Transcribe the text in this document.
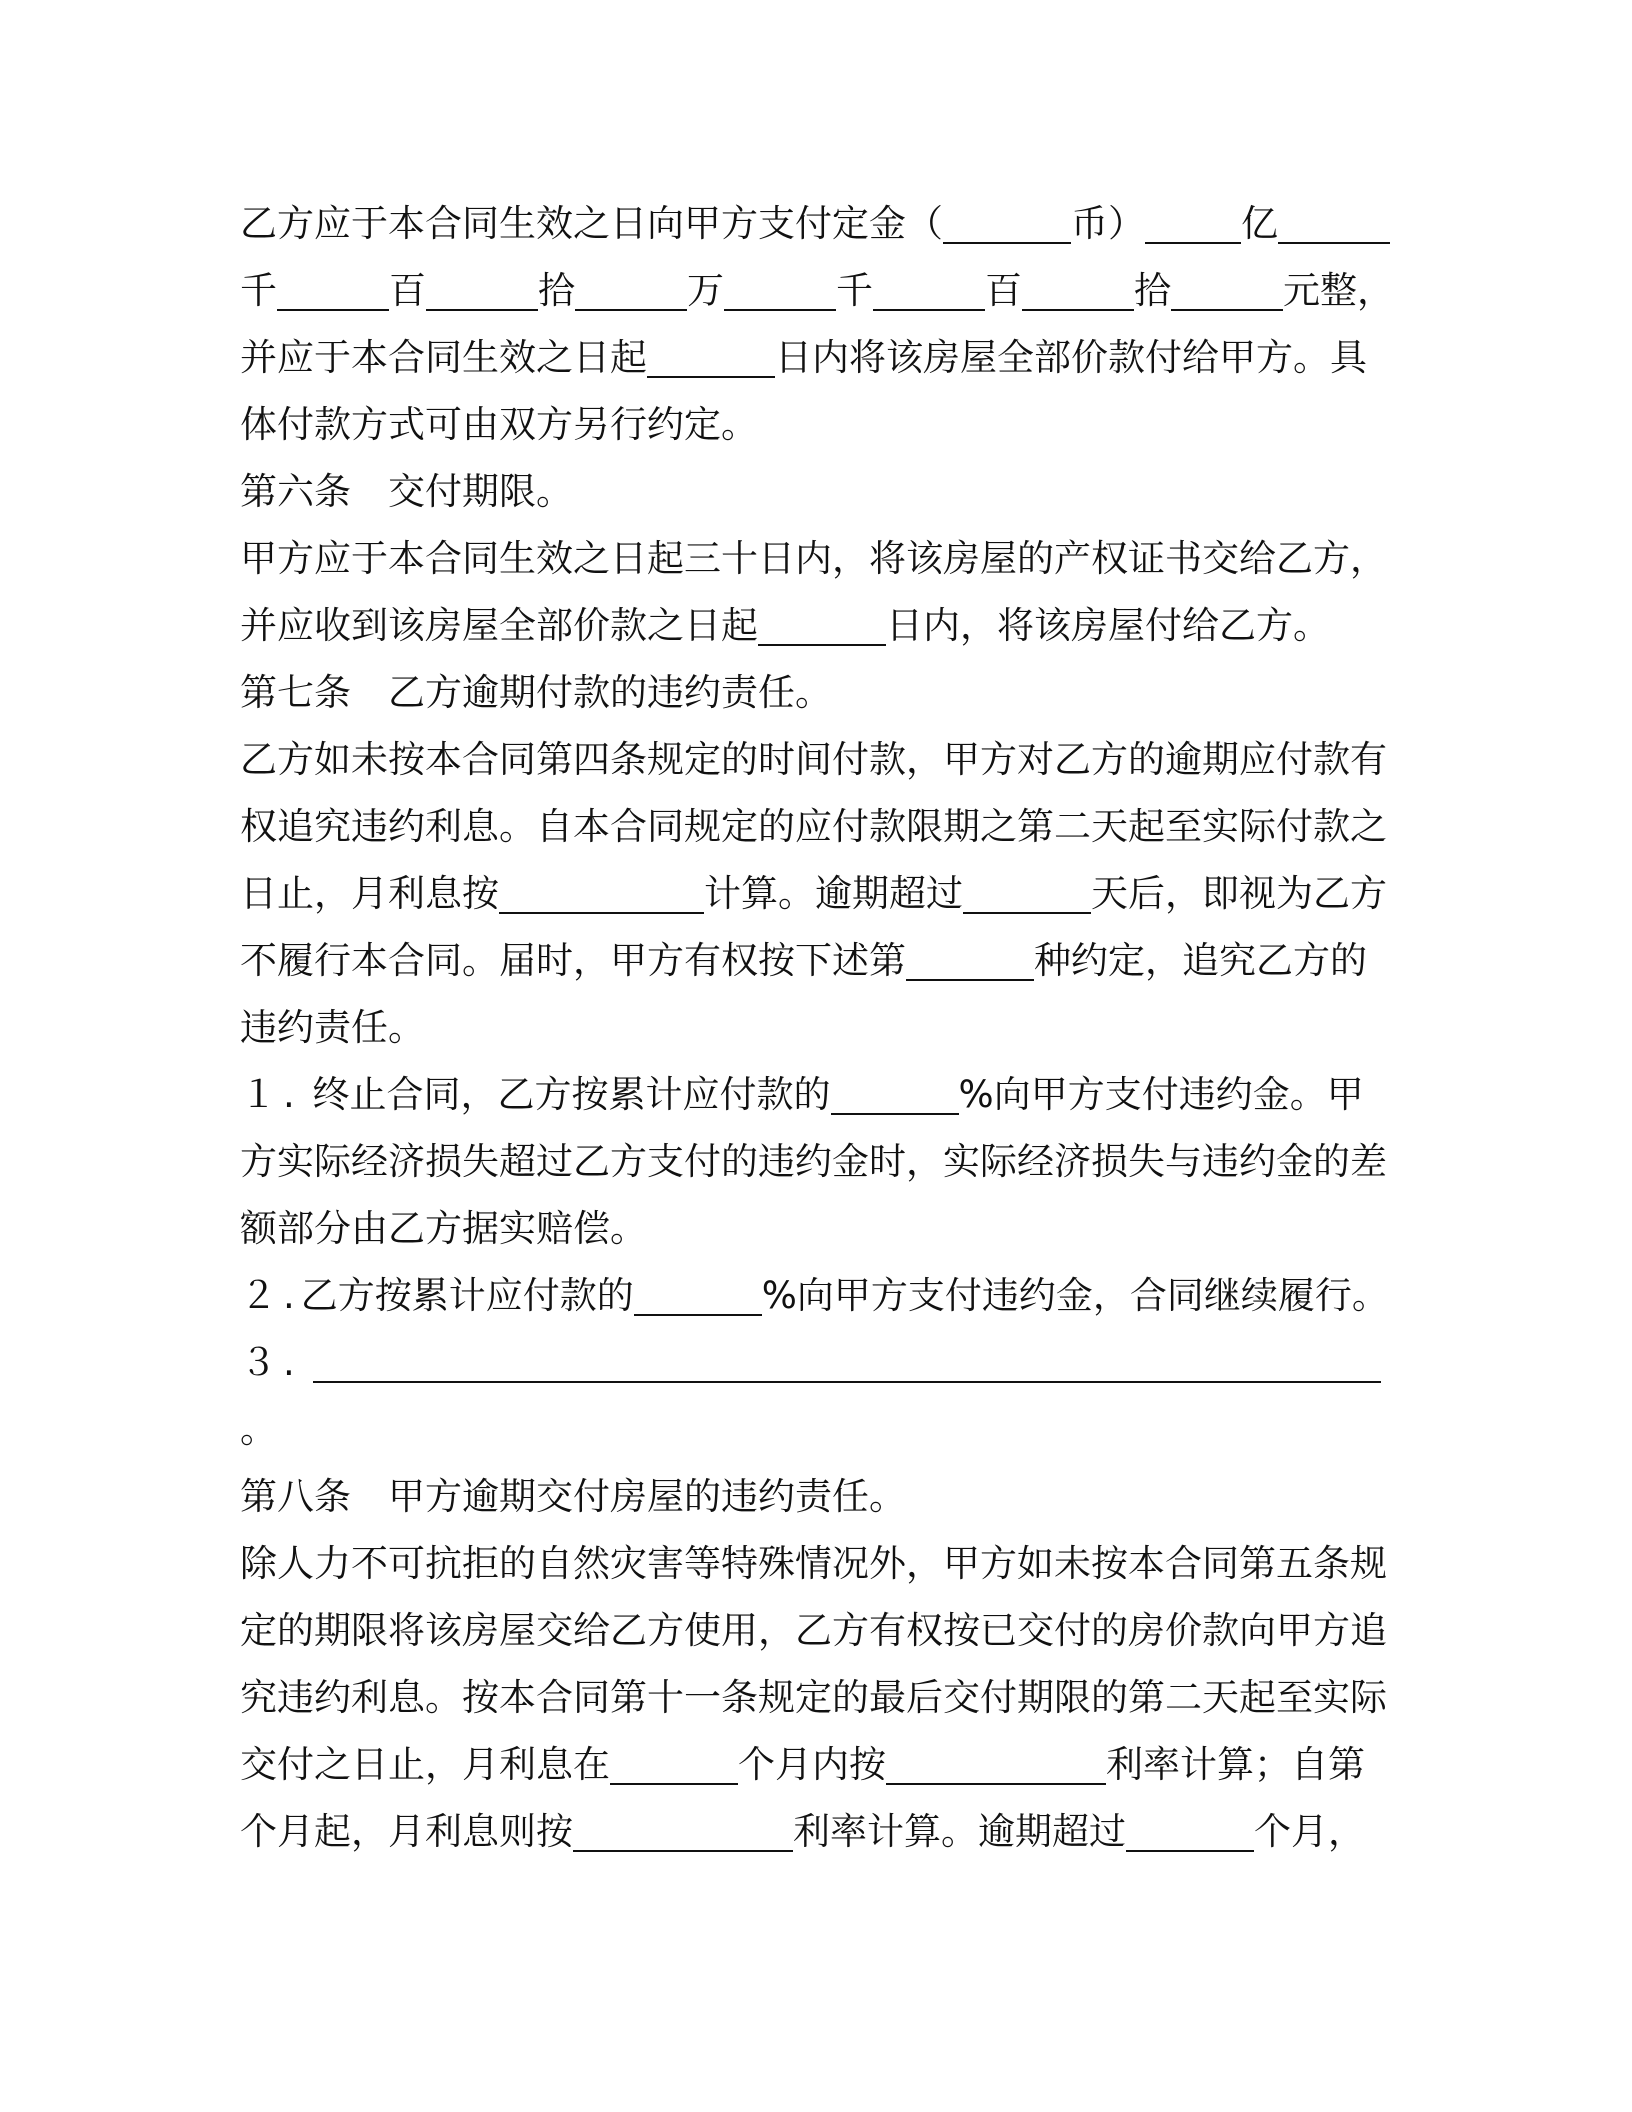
乙方应于本合同生效之日向甲方支付定金（	币）	亿
千	百	拾	万	千	百	拾	元整，
并应于本合同生效之日起	日内将该房屋全部价款付给甲方。具
体付款方式可由双方另行约定。
第六条　交付期限。
甲方应于本合同生效之日起三十日内，将该房屋的产权证书交给乙方，
并应收到该房屋全部价款之日起	日内，将该房屋付给乙方。
第七条　乙方逾期付款的违约责任。
乙方如未按本合同第四条规定的时间付款，甲方对乙方的逾期应付款有
权追究违约利息。自本合同规定的应付款限期之第二天起至实际付款之
日止，月利息按	计算。逾期超过	天后，即视为乙方
不履行本合同。届时，甲方有权按下述第	种约定，追究乙方的
违约责任。
１. 终止合同，乙方按累计应付款的	%向甲方支付违约金。甲
方实际经济损失超过乙方支付的违约金时，实际经济损失与违约金的差
额部分由乙方据实赔偿。
２.乙方按累计应付款的	%向甲方支付违约金，合同继续履行。
３.
。
第八条　甲方逾期交付房屋的违约责任。
除人力不可抗拒的自然灾害等特殊情况外，甲方如未按本合同第五条规
定的期限将该房屋交给乙方使用，乙方有权按已交付的房价款向甲方追
究违约利息。按本合同第十一条规定的最后交付期限的第二天起至实际
交付之日止，月利息在	个月内按	利率计算；自第
个月起，月利息则按	利率计算。逾期超过	个月，
